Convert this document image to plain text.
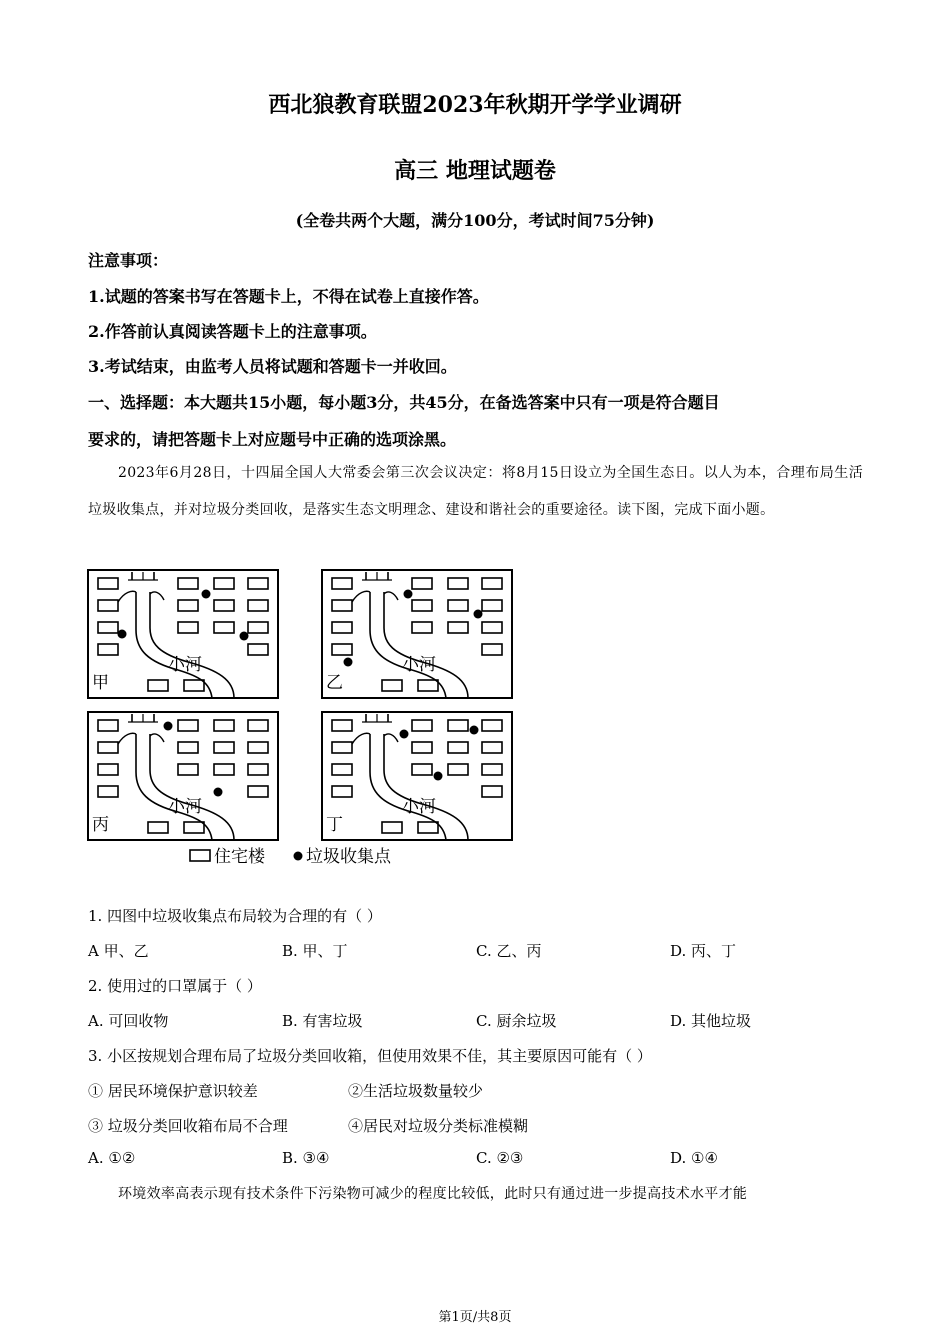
西北狼教育联盟2023年秋期开学学业调研
高三 地理试题卷
(全卷共两个大题，满分100分，考试时间75分钟)
注意事项：
1.试题的答案书写在答题卡上，不得在试卷上直接作答。
2.作答前认真阅读答题卡上的注意事项。
3.考试结束，由监考人员将试题和答题卡一并收回。
一、选择题：本大题共15小题，每小题3分，共45分，在备选答案中只有一项是符合题目
要求的，请把答题卡上对应题号中正确的选项涂黑。
2023年6月28日，十四届全国人大常委会第三次会议决定：将8月15日设立为全国生态日。以人为本，合理布局生活垃圾收集点，并对垃圾分类回收，是落实生态文明理念、建设和谐社会的重要途径。读下图，完成下面小题。
甲
小河
乙
小河
丙
小河
丁
小河
住宅楼 垃圾收集点
1. 四图中垃圾收集点布局较为合理的有（ ）
A 甲、乙	B. 甲、丁	C. 乙、丙	D. 丙、丁
2. 使用过的口罩属于（ ）
A. 可回收物	B. 有害垃圾	C. 厨余垃圾	D. 其他垃圾
3. 小区按规划合理布局了垃圾分类回收箱，但使用效果不佳，其主要原因可能有（ ）
① 居民环境保护意识较差	②生活垃圾数量较少
③ 垃圾分类回收箱布局不合理	④居民对垃圾分类标准模糊
A. ①②	B. ③④	C. ②③	D. ①④
环境效率高表示现有技术条件下污染物可减少的程度比较低，此时只有通过进一步提高技术水平才能
第1页/共8页
